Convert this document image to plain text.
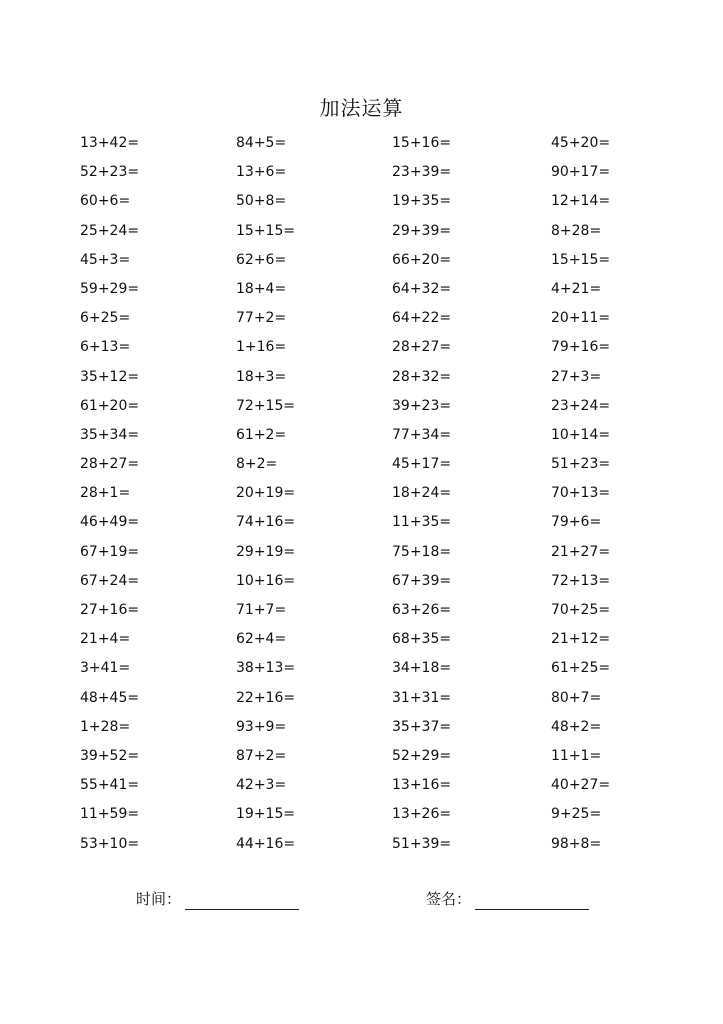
加法运算
13+42=	84+5=	15+16=	45+20=
52+23=	13+6=	23+39=	90+17=
60+6=	50+8=	19+35=	12+14=
25+24=	15+15=	29+39=	8+28=
45+3=	62+6=	66+20=	15+15=
59+29=	18+4=	64+32=	4+21=
6+25=	77+2=	64+22=	20+11=
6+13=	1+16=	28+27=	79+16=
35+12=	18+3=	28+32=	27+3=
61+20=	72+15=	39+23=	23+24=
35+34=	61+2=	77+34=	10+14=
28+27=	8+2=	45+17=	51+23=
28+1=	20+19=	18+24=	70+13=
46+49=	74+16=	11+35=	79+6=
67+19=	29+19=	75+18=	21+27=
67+24=	10+16=	67+39=	72+13=
27+16=	71+7=	63+26=	70+25=
21+4=	62+4=	68+35=	21+12=
3+41=	38+13=	34+18=	61+25=
48+45=	22+16=	31+31=	80+7=
1+28=	93+9=	35+37=	48+2=
39+52=	87+2=	52+29=	11+1=
55+41=	42+3=	13+16=	40+27=
11+59=	19+15=	13+26=	9+25=
53+10=	44+16=	51+39=	98+8=
时间：	签名：
